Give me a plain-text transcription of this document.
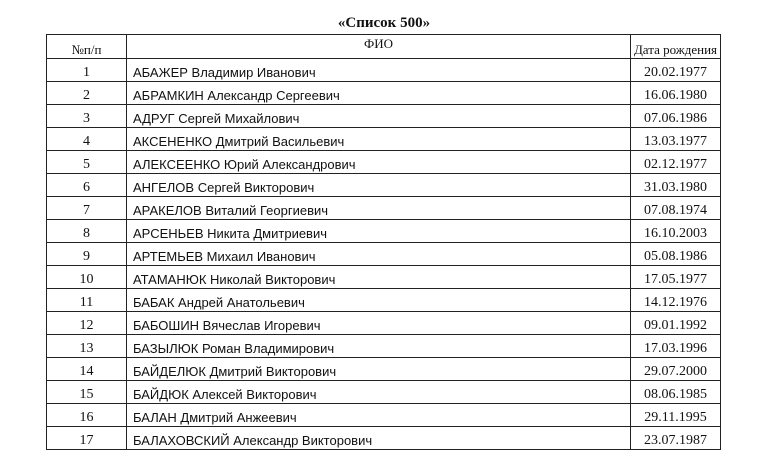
«Список 500»
№п/п	ФИО	Дата рождения
1	АБАЖЕР Владимир Иванович	20.02.1977
2	АБРАМКИН Александр Сергеевич	16.06.1980
3	АДРУГ Сергей Михайлович	07.06.1986
4	АКСЕНЕНКО Дмитрий Васильевич	13.03.1977
5	АЛЕКСЕЕНКО Юрий Александрович	02.12.1977
6	АНГЕЛОВ Сергей Викторович	31.03.1980
7	АРАКЕЛОВ Виталий Георгиевич	07.08.1974
8	АРСЕНЬЕВ Никита Дмитриевич	16.10.2003
9	АРТЕМЬЕВ Михаил Иванович	05.08.1986
10	АТАМАНЮК Николай Викторович	17.05.1977
11	БАБАК Андрей Анатольевич	14.12.1976
12	БАБОШИН Вячеслав Игоревич	09.01.1992
13	БАЗЫЛЮК Роман Владимирович	17.03.1996
14	БАЙДЕЛЮК Дмитрий Викторович	29.07.2000
15	БАЙДЮК Алексей Викторович	08.06.1985
16	БАЛАН Дмитрий Анжеевич	29.11.1995
17	БАЛАХОВСКИЙ Александр Викторович	23.07.1987
